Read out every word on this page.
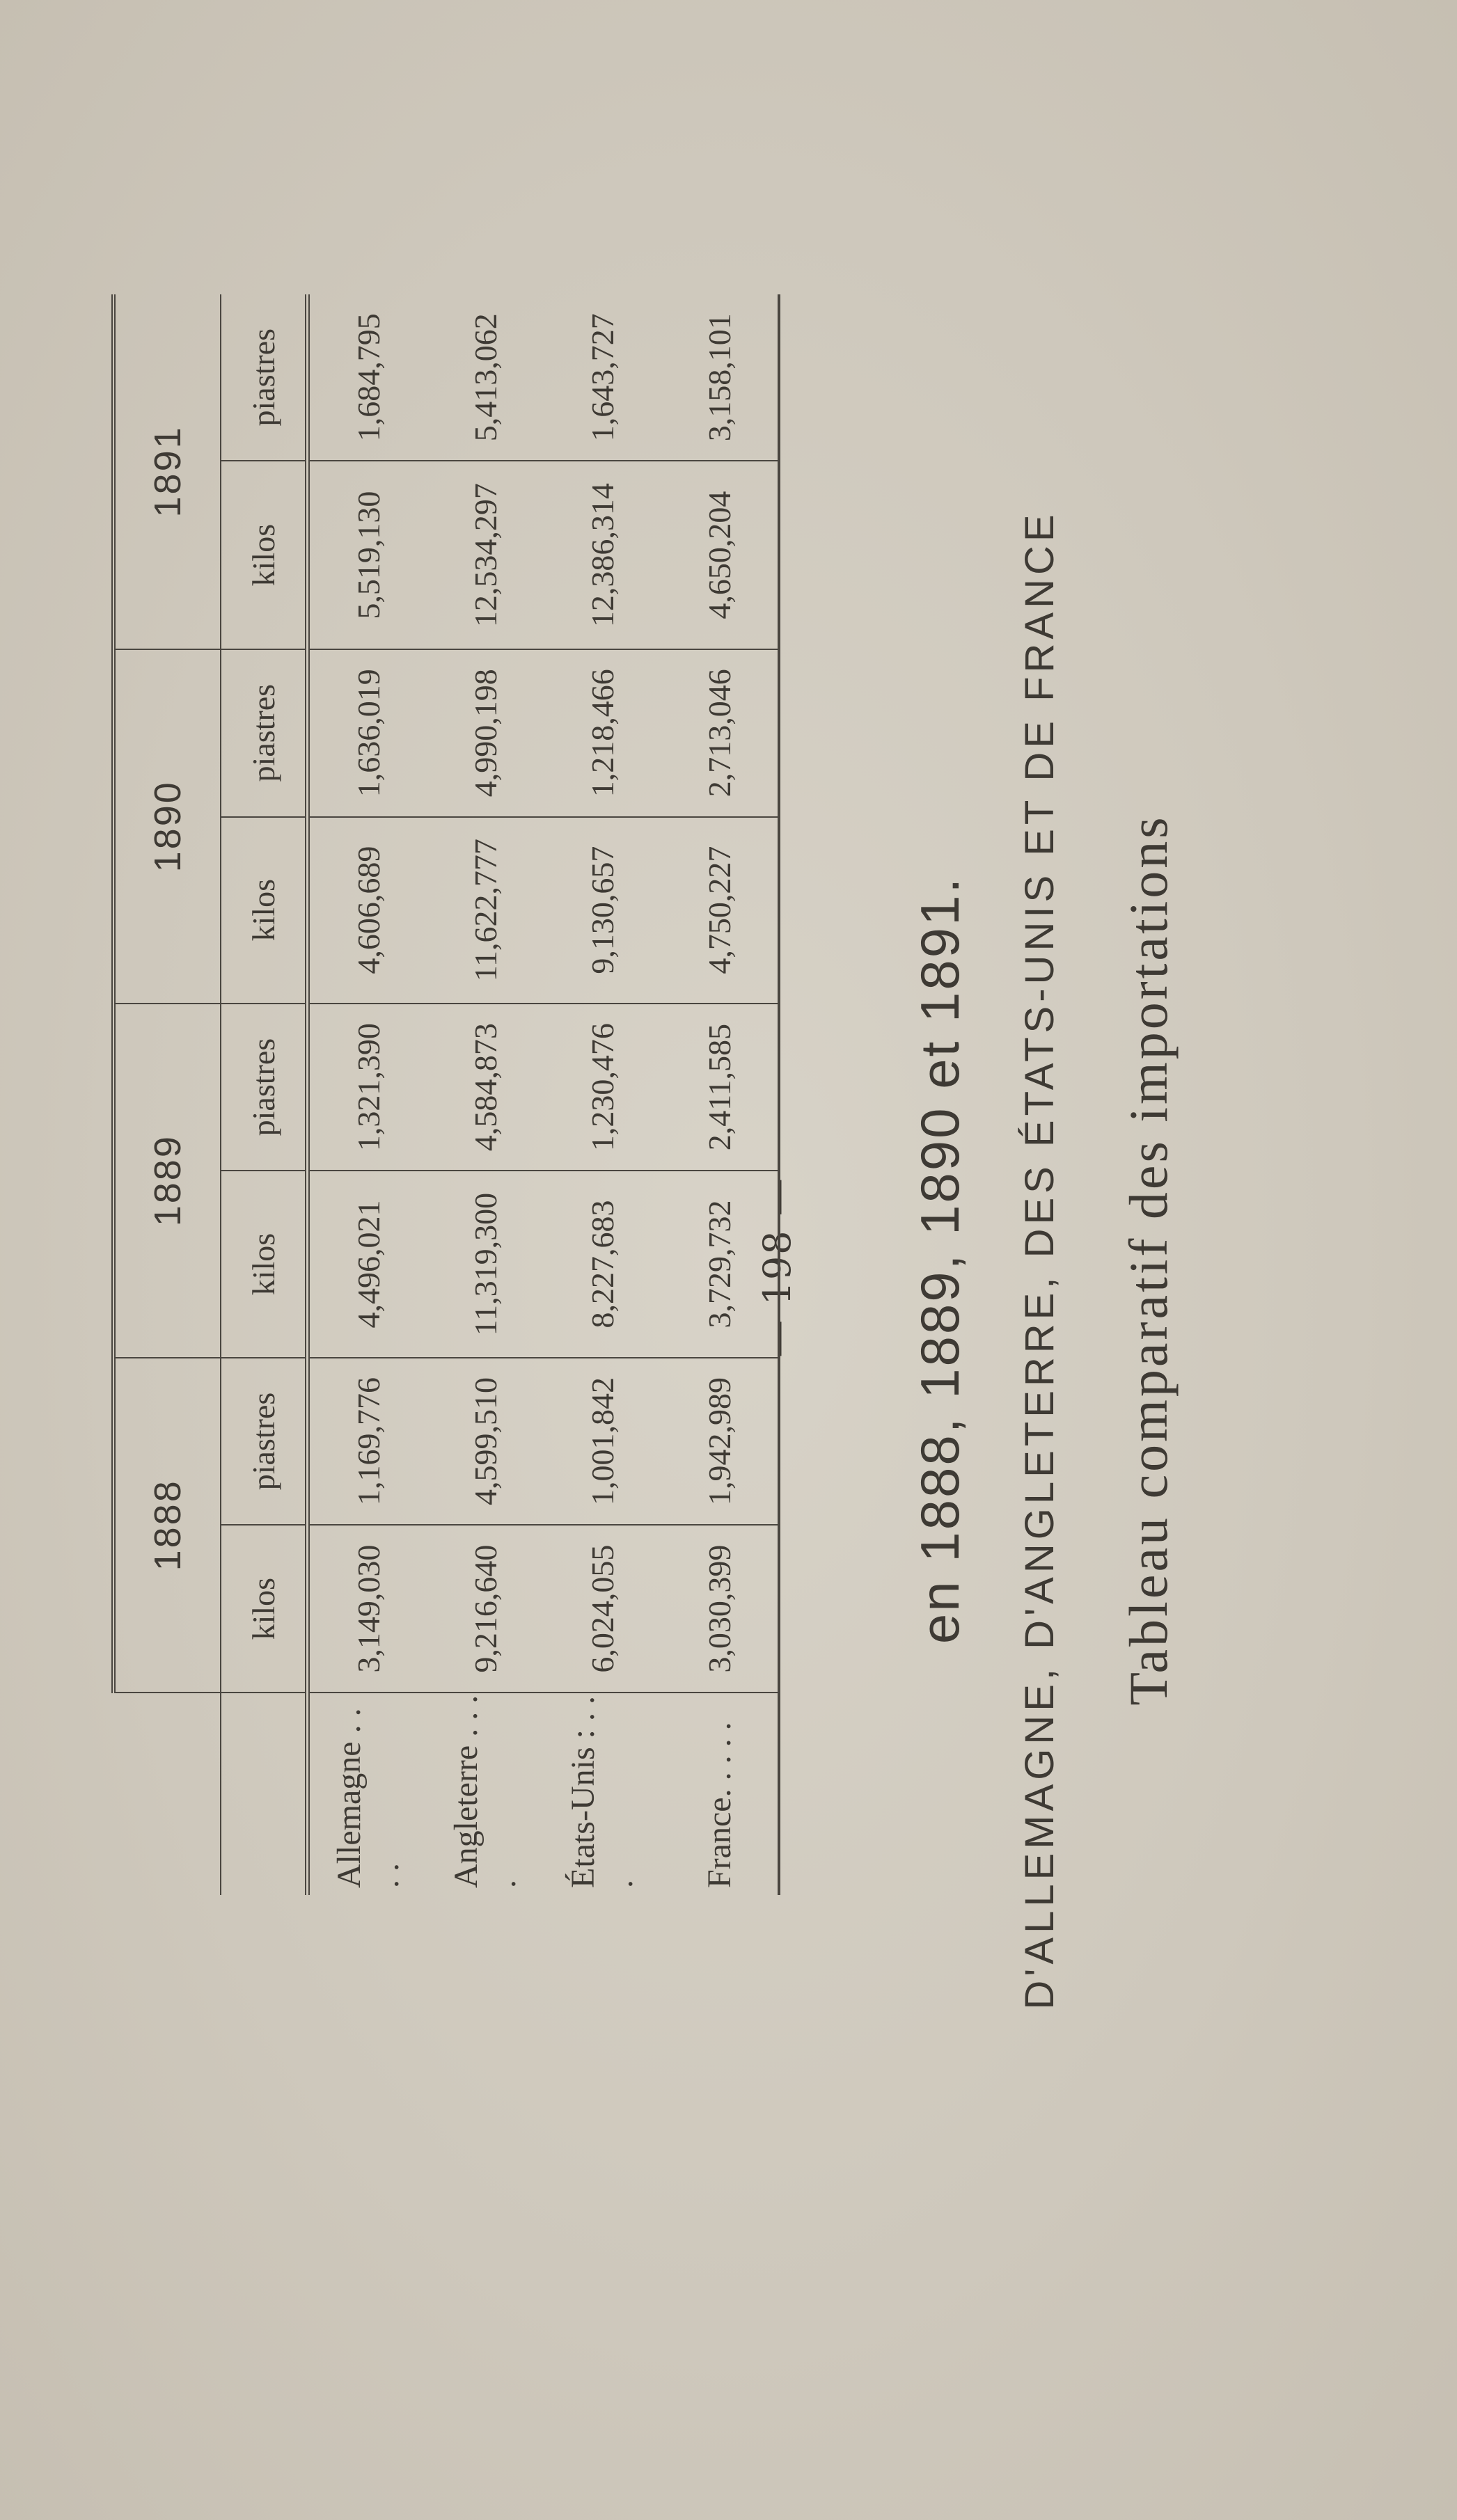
— 198 —	Tableau comparatif des importations
D'ALLEMAGNE, D'ANGLETERRE, DES ÉTATS-UNIS ET DE FRANCE
en 1888, 1889, 1890 et 1891.
	1888		1889		1890		1891	
	kilos	piastres	kilos	piastres	kilos	piastres	kilos	piastres
Allemagne . . . .	3,149,030	1,169,776	4,496,021	1,321,390	4,606,689	1,636,019	5,519,130	1,684,795
Angleterre . . . .	9,216,640	4,599,510	11,319,300	4,584,873	11,622,777	4,990,198	12,534,297	5,413,062
États-Unis : . . .	6,024,055	1,001,842	8,227,683	1,230,476	9,130,657	1,218,466	12,386,314	1,643,727
France. . . . .	3,030,399	1,942,989	3,729,732	2,411,585	4,750,227	2,713,046	4,650,204	3,158,101
